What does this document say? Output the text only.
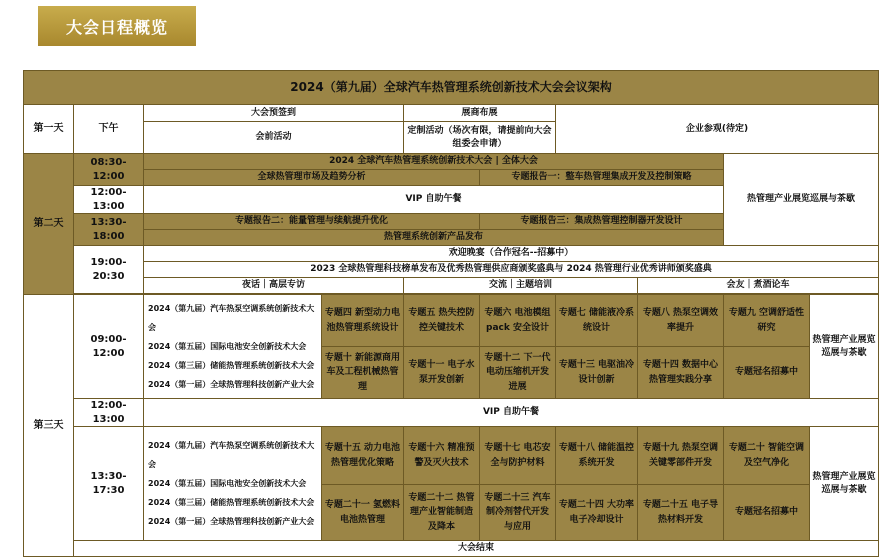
大会日程概览
2024（第九届）全球汽车热管理系统创新技术大会会议架构									
第一天	下午	大会预签到		展商布展		企业参观(待定)			
		会前活动		定制活动（场次有限，请提前向大会组委会申请）					
第二天	08:30-12:00	2024 全球汽车热管理系统创新技术大会 | 全体大会						热管理产业展览巡展与茶歇	
		全球热管理市场及趋势分析			专题报告一：整车热管理集成开发及控制策略				
	12:00-13:00	VIP 自助午餐							
	13:30-18:00	专题报告二：能量管理与续航提升优化			专题报告三：集成热管理控制器开发设计				
		热管理系统创新产品发布							
	19:00-20:30	欢迎晚宴（合作冠名--招募中）							
		2023 全球热管理科技榜单发布及优秀热管理供应商颁奖盛典与 2024 热管理行业优秀讲师颁奖盛典							
		夜话｜高层专访		交流｜主题培训			会友｜煮酒论车		

第三天	09:00-12:00	2024（第九届）汽车热泵空调系统创新技术大会
2024（第五届）国际电池安全创新技术大会
2024（第三届）储能热管理系统创新技术大会
2024（第一届）全球热管理科技创新产业大会	专题四 新型动力电池热管理系统设计	专题五 热失控防控关键技术	专题六 电池模组 pack 安全设计	专题七 储能液冷系统设计	专题八 热泵空调效率提升	专题九 空调舒适性研究	热管理产业展览巡展与茶歇
			专题十 新能源商用车及工程机械热管理	专题十一 电子水泵开发创新	专题十二 下一代电动压缩机开发进展	专题十三 电驱油冷设计创新	专题十四 数据中心热管理实践分享	专题冠名招募中	
	12:00-13:00	VIP 自助午餐							
	13:30-17:30	2024（第九届）汽车热泵空调系统创新技术大会
2024（第五届）国际电池安全创新技术大会
2024（第三届）储能热管理系统创新技术大会
2024（第一届）全球热管理科技创新产业大会	专题十五 动力电池热管理优化策略	专题十六 精准预警及灭火技术	专题十七 电芯安全与防护材料	专题十八 储能温控系统开发	专题十九 热泵空调关键零部件开发	专题二十 智能空调及空气净化	热管理产业展览巡展与茶歇
			专题二十一 氢燃料电池热管理	专题二十二 热管理产业智能制造及降本	专题二十三 汽车制冷剂替代开发与应用	专题二十四 大功率电子冷却设计	专题二十五 电子导热材料开发	专题冠名招募中	
	大会结束								
